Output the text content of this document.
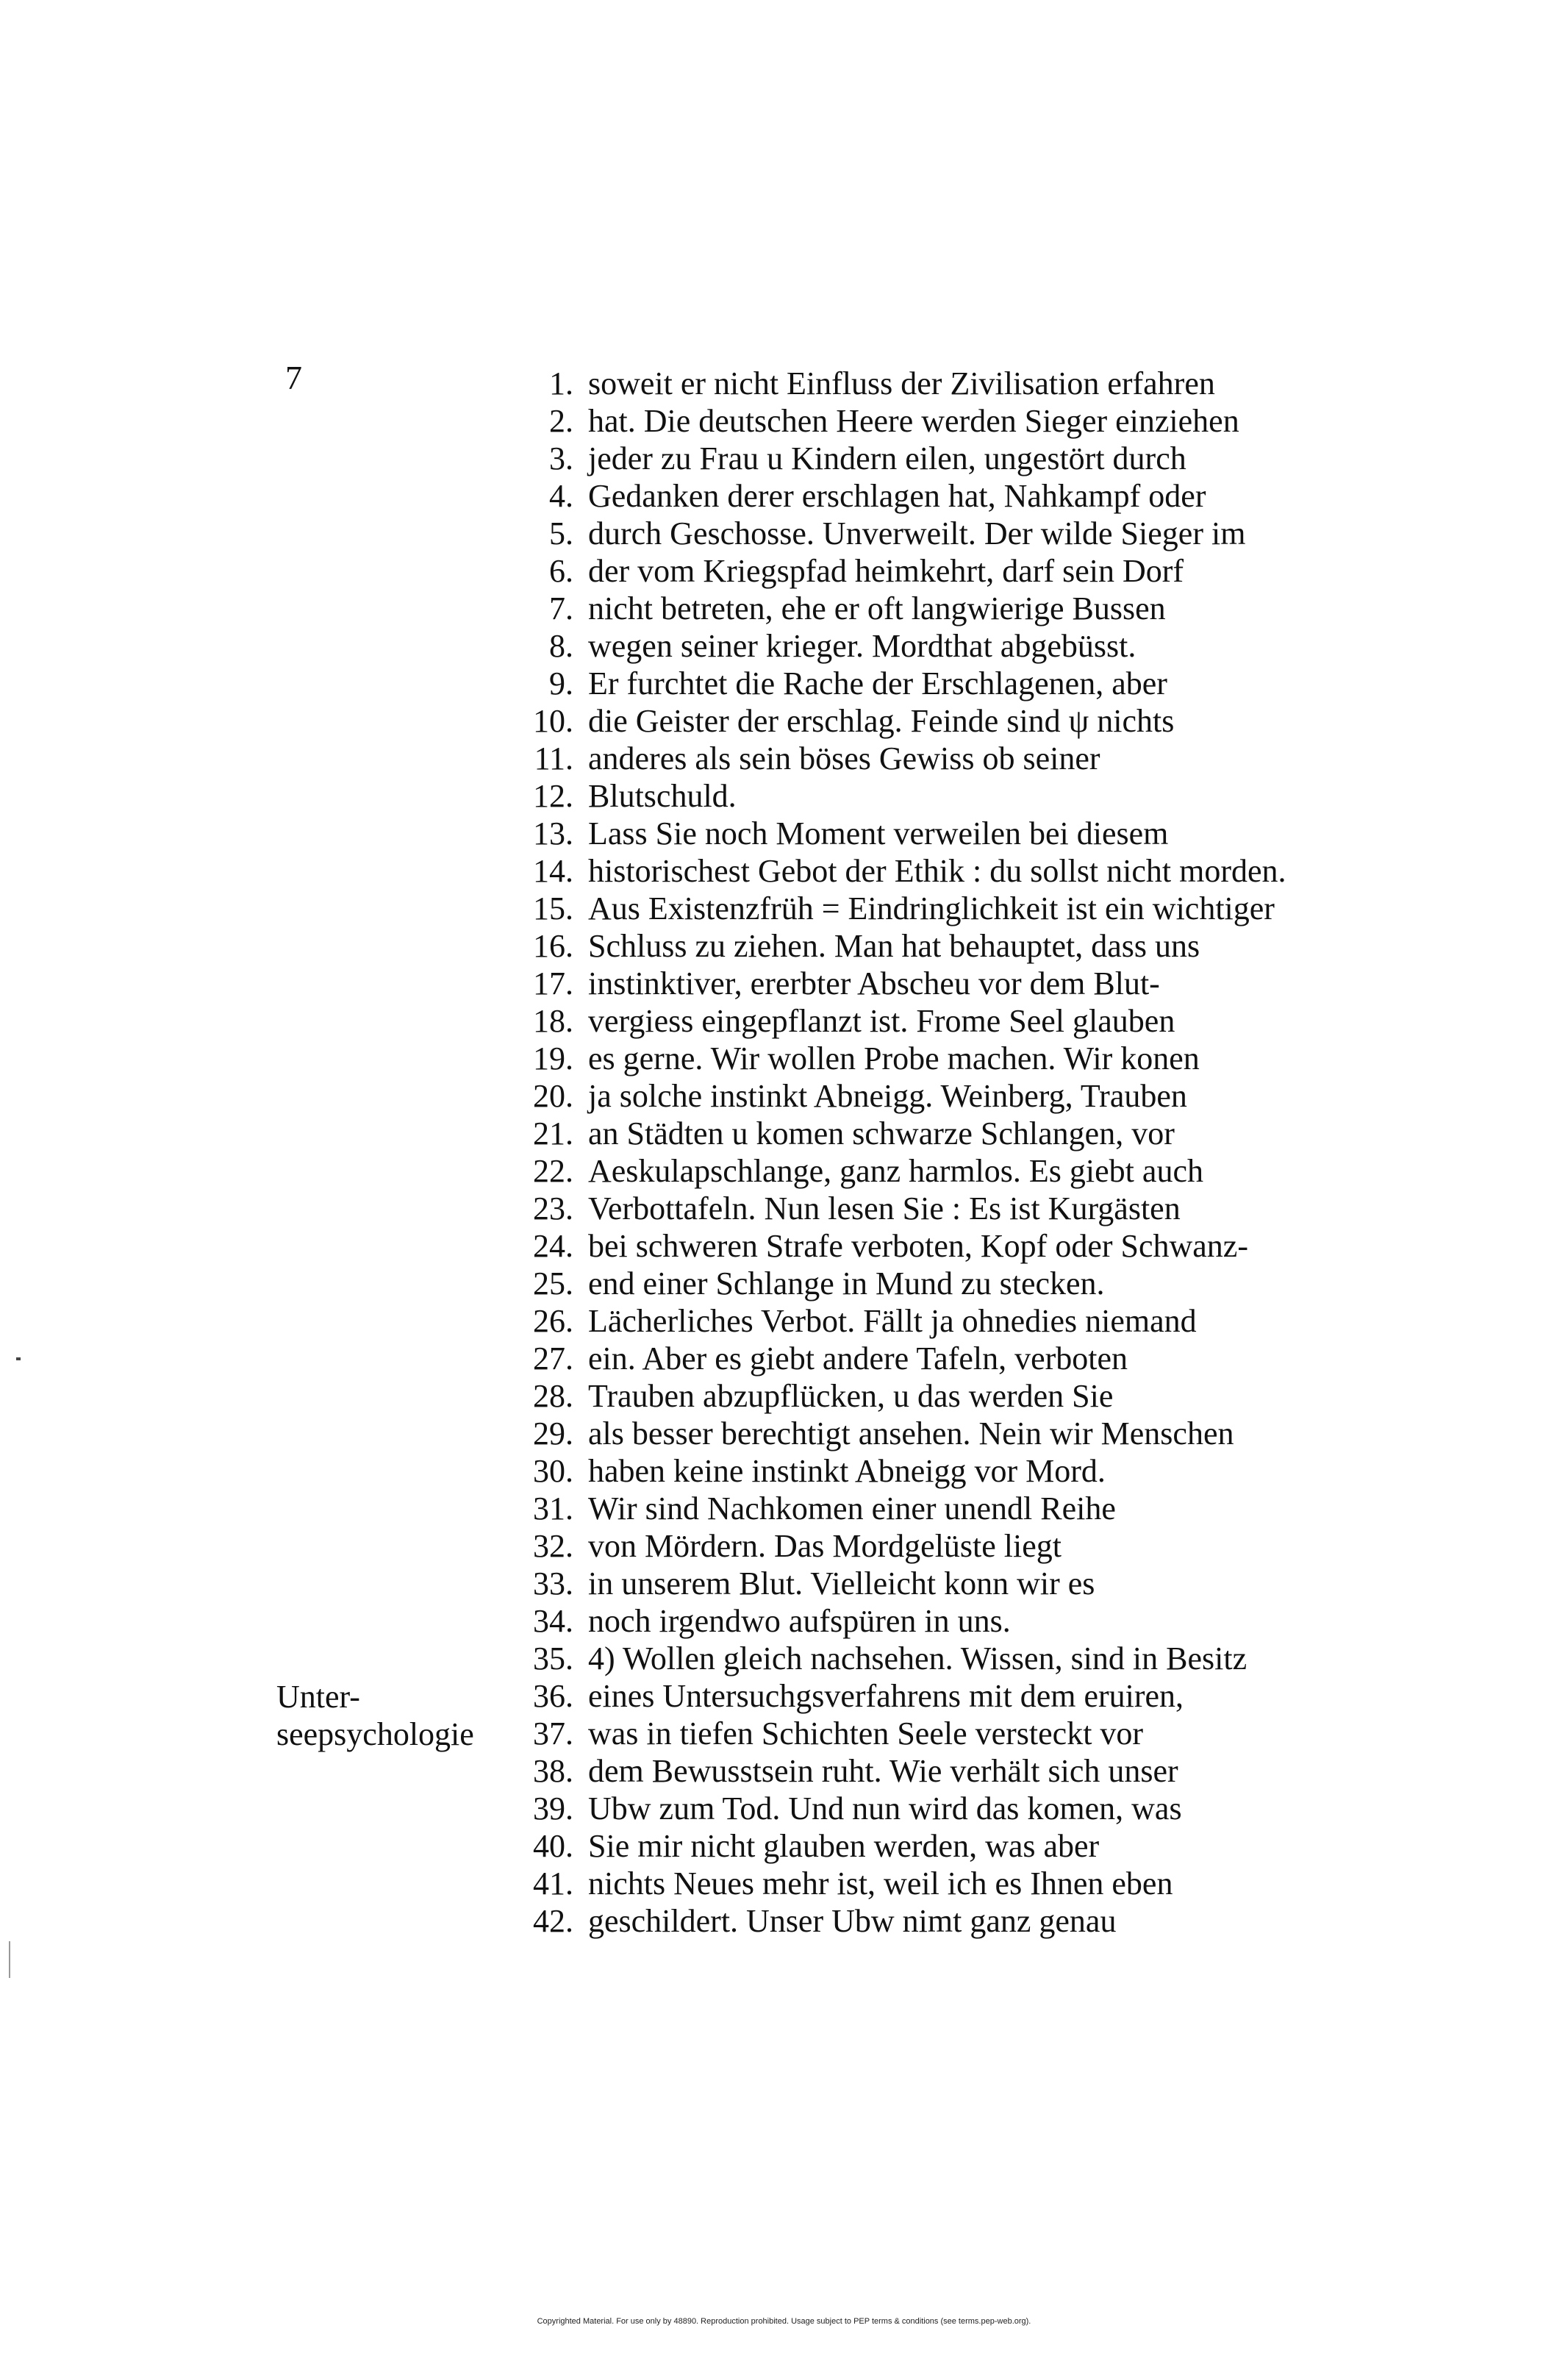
7
Unter-
seepsychologie
1. soweit er nicht Einfluss der Zivilisation erfahren
2. hat. Die deutschen Heere werden Sieger einziehen
3. jeder zu Frau u Kindern eilen, ungestört durch
4. Gedanken derer erschlagen hat, Nahkampf oder
5. durch Geschosse. Unverweilt. Der wilde Sieger im
6. der vom Kriegspfad heimkehrt, darf sein Dorf
7. nicht betreten, ehe er oft langwierige Bussen
8. wegen seiner krieger. Mordthat abgebüsst.
9. Er furchtet die Rache der Erschlagenen, aber
10. die Geister der erschlag. Feinde sind ψ nichts
11. anderes als sein böses Gewiss ob seiner
12. Blutschuld.
13. Lass Sie noch Moment verweilen bei diesem
14. historischest Gebot der Ethik : du sollst nicht morden.
15. Aus Existenzfrüh = Eindringlichkeit ist ein wichtiger
16. Schluss zu ziehen. Man hat behauptet, dass uns
17. instinktiver, ererbter Abscheu vor dem Blut-
18. vergiess eingepflanzt ist. Frome Seel glauben
19. es gerne. Wir wollen Probe machen. Wir konen
20. ja solche instinkt Abneigg. Weinberg, Trauben
21. an Städten u komen schwarze Schlangen, vor
22. Aeskulapschlange, ganz harmlos. Es giebt auch
23. Verbottafeln. Nun lesen Sie : Es ist Kurgästen
24. bei schweren Strafe verboten, Kopf oder Schwanz-
25. end einer Schlange in Mund zu stecken.
26. Lächerliches Verbot. Fällt ja ohnedies niemand
27. ein. Aber es giebt andere Tafeln, verboten
28. Trauben abzupflücken, u das werden Sie
29. als besser berechtigt ansehen. Nein wir Menschen
30. haben keine instinkt Abneigg vor Mord.
31. Wir sind Nachkomen einer unendl Reihe
32. von Mördern. Das Mordgelüste liegt
33. in unserem Blut. Vielleicht konn wir es
34. noch irgendwo aufspüren in uns.
35. 4) Wollen gleich nachsehen. Wissen, sind in Besitz
36. eines Untersuchgsverfahrens mit dem eruiren,
37. was in tiefen Schichten Seele versteckt vor
38. dem Bewusstsein ruht. Wie verhält sich unser
39. Ubw zum Tod. Und nun wird das komen, was
40. Sie mir nicht glauben werden, was aber
41. nichts Neues mehr ist, weil ich es Ihnen eben
42. geschildert. Unser Ubw nimt ganz genau
Copyrighted Material. For use only by 48890. Reproduction prohibited. Usage subject to PEP terms & conditions (see terms.pep-web.org).
